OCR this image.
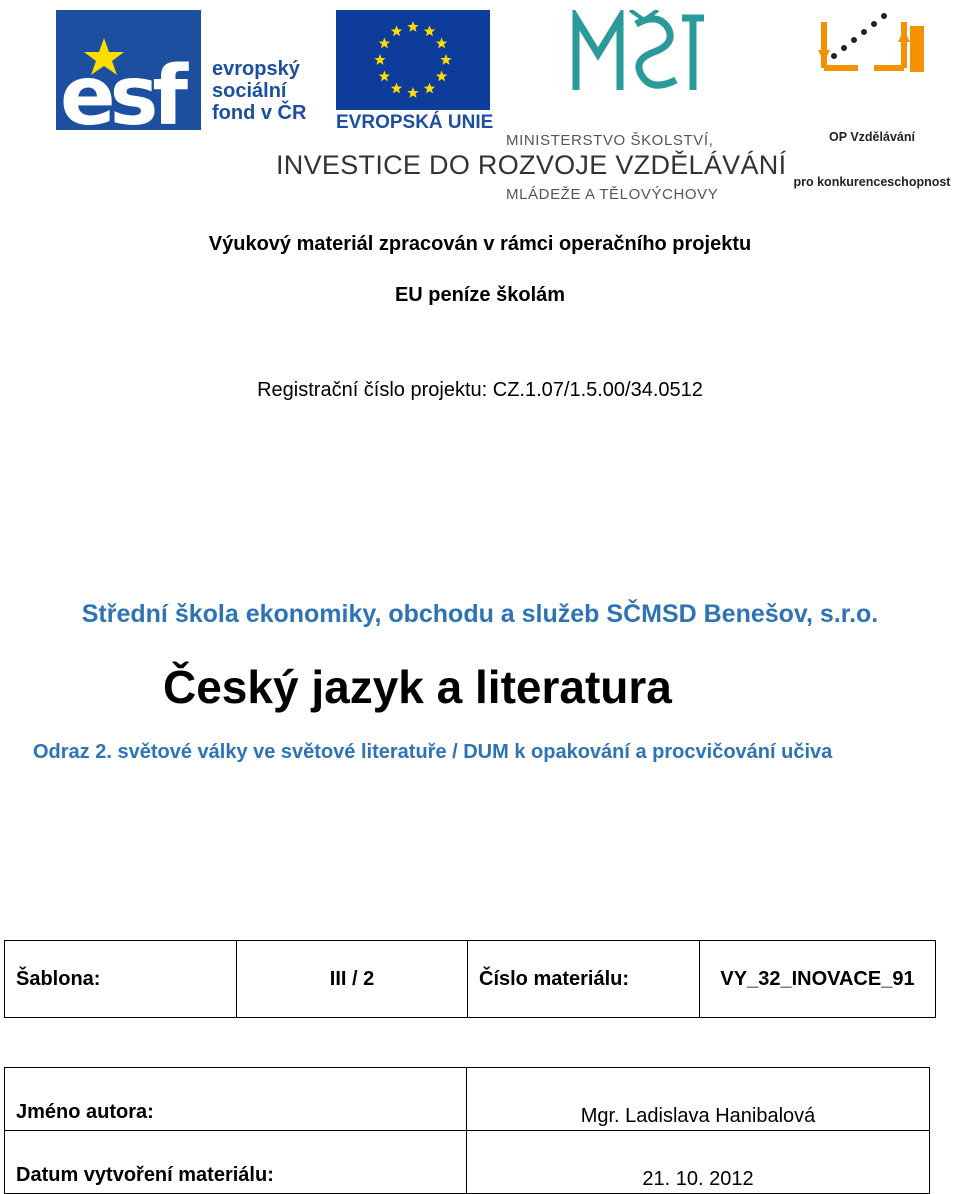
esf evropský
sociální
fond v ČR	EVROPSKÁ UNIE

MINISTERSTVO ŠKOLSTVÍ,

MLÁDEŽE A TĚLOVÝCHOVY

OP Vzdělávání

pro konkurenceschopnost

INVESTICE DO ROZVOJE VZDĚLÁVÁNÍ
Výukový materiál zpracován v rámci operačního projektu
EU peníze školám
Registrační číslo projektu: CZ.1.07/1.5.00/34.0512
Střední škola ekonomiky, obchodu a služeb SČMSD Benešov, s.r.o.
Český jazyk a literatura
Odraz 2. světové války ve světové literatuře / DUM k opakování a procvičování učiva
Šablona:	III / 2	Číslo materiálu:	VY_32_INOVACE_91
Jméno autora:	Mgr. Ladislava Hanibalová
Datum vytvoření materiálu:	21. 10. 2012
